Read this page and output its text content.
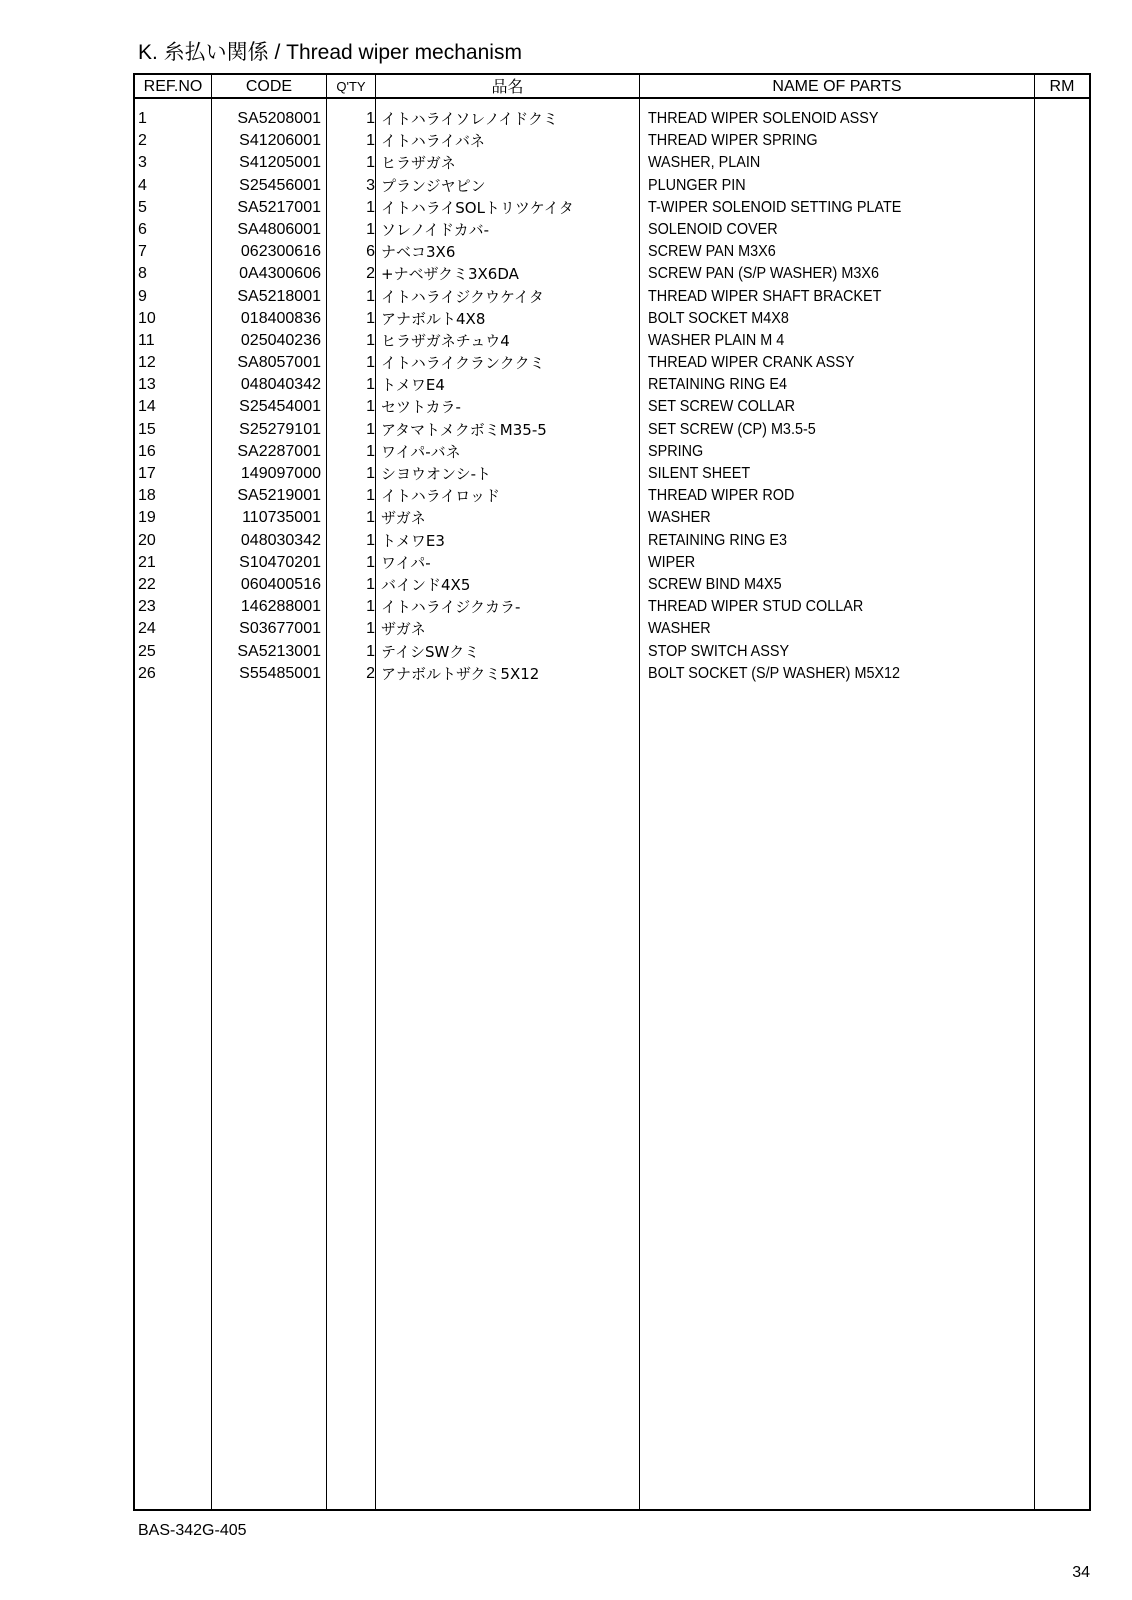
K. 糸払い関係 / Thread wiper mechanism
REF.NO	CODE	Q'TY	品名	NAME OF PARTS	RM
1	SA5208001	1 イトハライソレノイドクミ	THREAD WIPER SOLENOID ASSY
2	S41206001	1 イトハライバネ	THREAD WIPER SPRING
3	S41205001	1 ヒラザガネ	WASHER, PLAIN
4	S25456001	3 プランジヤピン	PLUNGER PIN
5	SA5217001	1 イトハライSOLトリツケイタ	T-WIPER SOLENOID SETTING PLATE
6	SA4806001	1 ソレノイドカバ-	SOLENOID COVER
7	062300616	6 ナベコ3X6	SCREW PAN M3X6
8	0A4300606	2 +ナベザクミ3X6DA	SCREW PAN (S/P WASHER) M3X6
9	SA5218001	1 イトハライジクウケイタ	THREAD WIPER SHAFT BRACKET
10	018400836	1 アナボルト4X8	BOLT SOCKET M4X8
11	025040236	1 ヒラザガネチュウ4	WASHER PLAIN M 4
12	SA8057001	1 イトハライクランククミ	THREAD WIPER CRANK ASSY
13	048040342	1 トメワE4	RETAINING RING E4
14	S25454001	1 セツトカラ-	SET SCREW COLLAR
15	S25279101	1 アタマトメクボミM35-5	SET SCREW (CP) M3.5-5
16	SA2287001	1 ワイパ-バネ	SPRING
17	149097000	1 シヨウオンシ-ト	SILENT SHEET
18	SA5219001	1 イトハライロッド	THREAD WIPER ROD
19	110735001	1 ザガネ	WASHER
20	048030342	1 トメワE3	RETAINING RING E3
21	S10470201	1 ワイパ-	WIPER
22	060400516	1 バインド4X5	SCREW BIND M4X5
23	146288001	1 イトハライジクカラ-	THREAD WIPER STUD COLLAR
24	S03677001	1 ザガネ	WASHER
25	SA5213001	1 テイシSWクミ	STOP SWITCH ASSY
26	S55485001	2 アナボルトザクミ5X12	BOLT SOCKET (S/P WASHER) M5X12
BAS-342G-405
34
